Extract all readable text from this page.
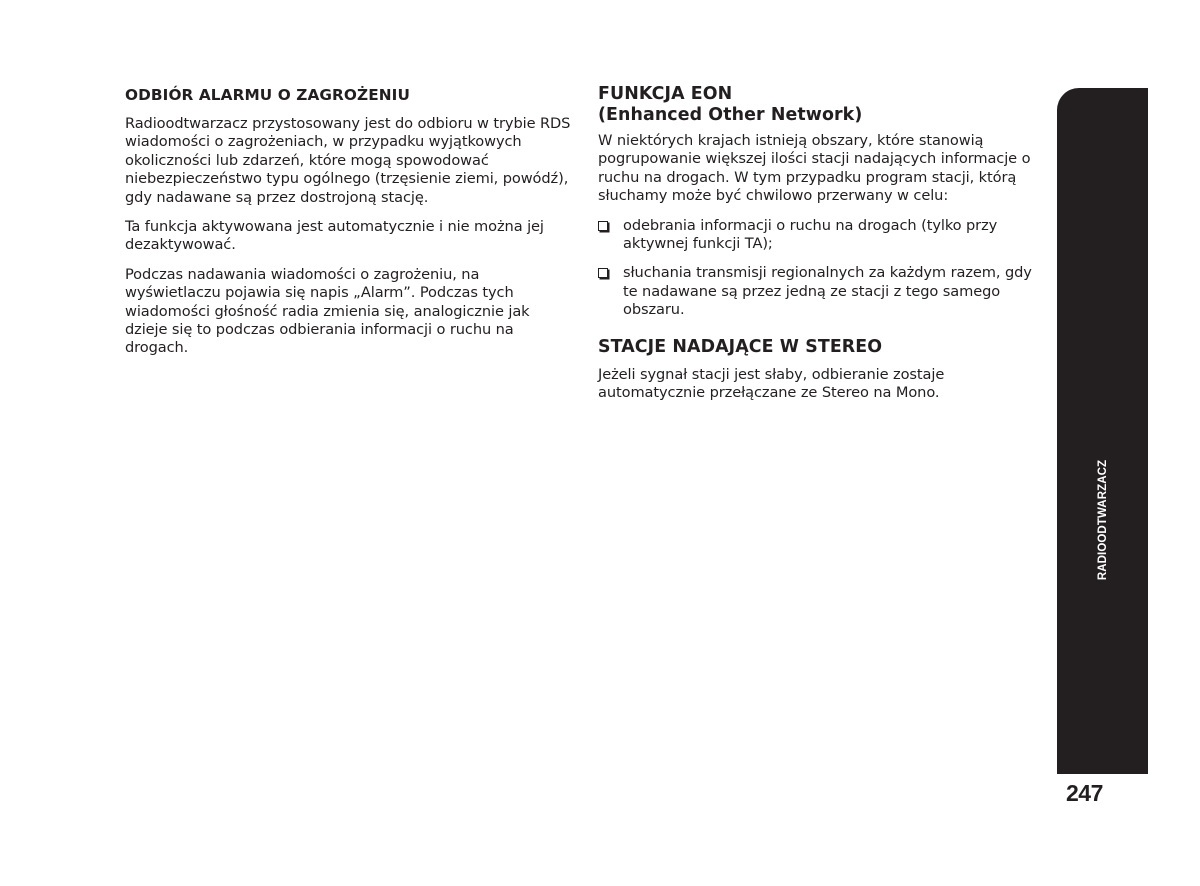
ODBIÓR ALARMU O ZAGROŻENIU

Radioodtwarzacz przystosowany jest do odbioru w trybie RDS wiadomości o zagrożeniach, w przypadku wyjątkowych okoliczności lub zdarzeń, które mogą spowodować niebezpieczeństwo typu ogólnego (trzęsienie ziemi, powódź), gdy nadawane są przez dostrojoną stację.

Ta funkcja aktywowana jest automatycznie i nie można jej dezaktywować.

Podczas nadawania wiadomości o zagrożeniu, na wyświetlaczu pojawia się napis „Alarm”. Podczas tych wiadomości głośność radia zmienia się, analogicznie jak dzieje się to podczas odbierania informacji o ruchu na drogach.

FUNKCJA EON
(Enhanced Other Network)

W niektórych krajach istnieją obszary, które stanowią pogrupowanie większej ilości stacji nadających informacje o ruchu na drogach. W tym przypadku program stacji, którą słuchamy może być chwilowo przerwany w celu:

odebrania informacji o ruchu na drogach (tylko przy aktywnej funkcji TA);
słuchania transmisji regionalnych za każdym razem, gdy te nadawane są przez jedną ze stacji z tego samego obszaru.
STACJE NADAJĄCE W STEREO

Jeżeli sygnał stacji jest słaby, odbieranie zostaje automatycznie przełączane ze Stereo na Mono.

RADIOODTWARZACZ
247
